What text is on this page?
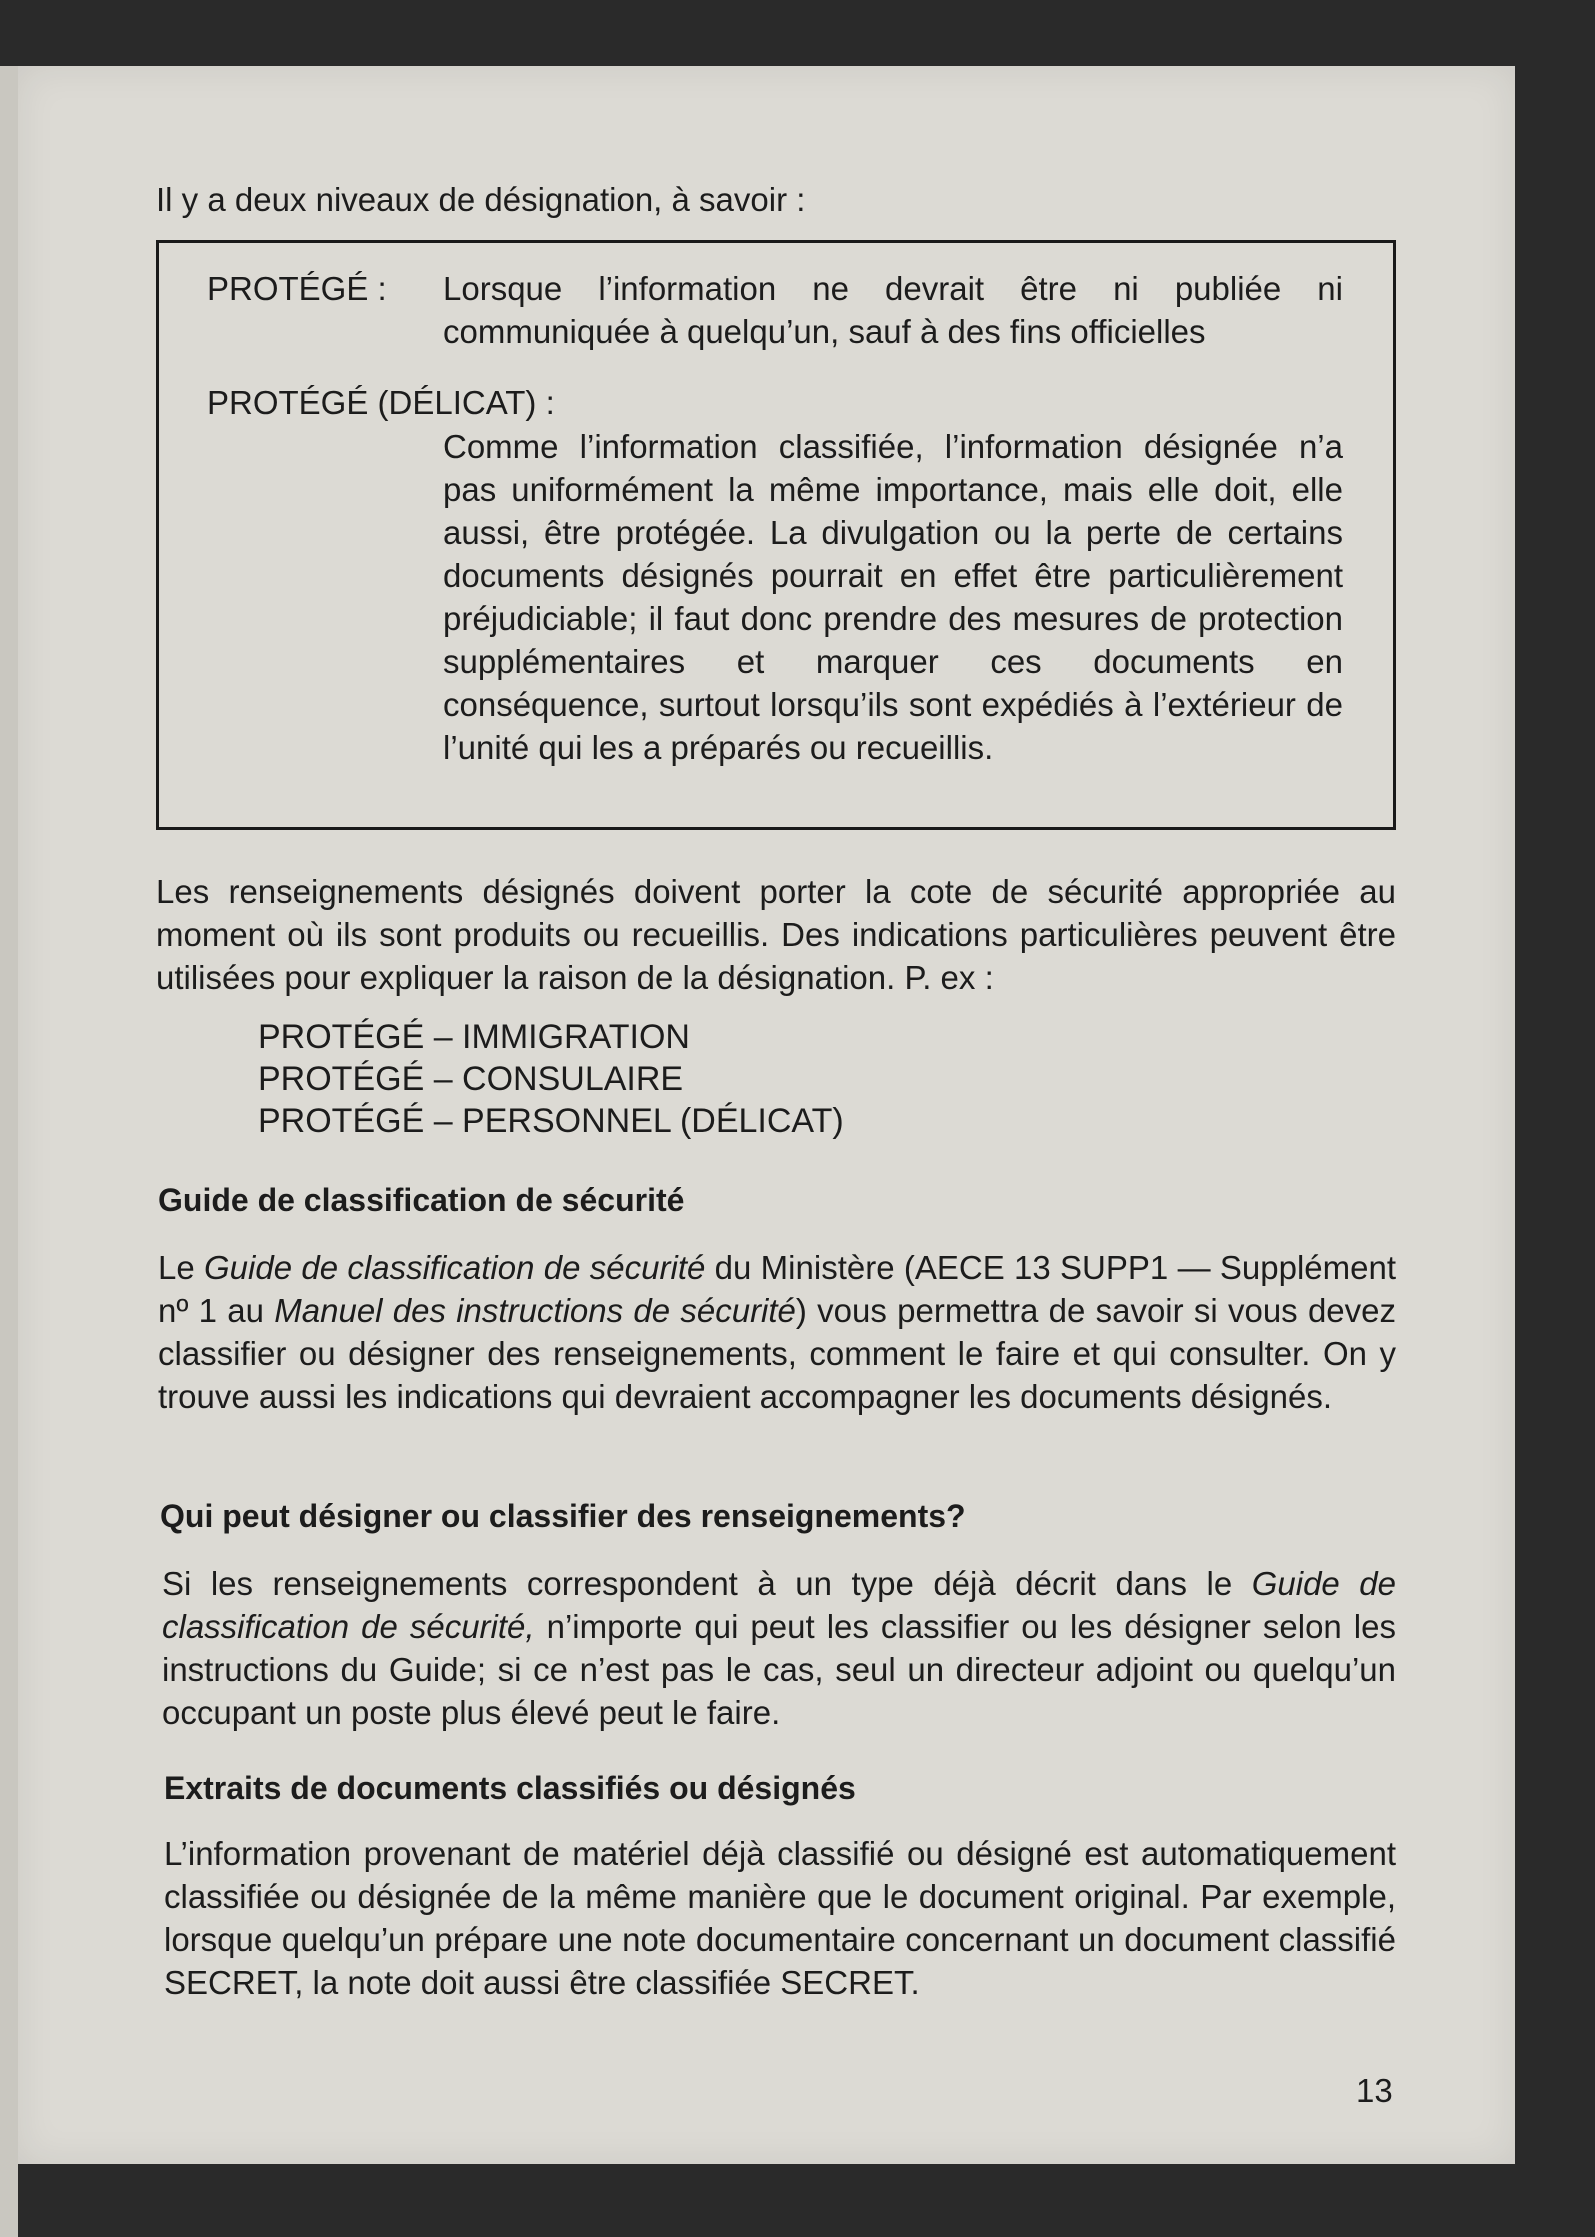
Il y a deux niveaux de désignation, à savoir :
PROTÉGÉ : Lorsque l’information ne devrait être ni publiée ni communiquée à quelqu’un, sauf à des fins officielles
PROTÉGÉ (DÉLICAT) :
Comme l’information classifiée, l’information désignée n’a pas uniformément la même importance, mais elle doit, elle aussi, être protégée. La divulgation ou la perte de certains documents désignés pourrait en effet être particulièrement préjudiciable; il faut donc prendre des mesures de protection supplémentaires et marquer ces documents en conséquence, surtout lorsqu’ils sont expédiés à l’extérieur de l’unité qui les a préparés ou recueillis.
Les renseignements désignés doivent porter la cote de sécurité appropriée au moment où ils sont produits ou recueillis. Des indications particulières peuvent être utilisées pour expliquer la raison de la désignation. P. ex :
PROTÉGÉ – IMMIGRATION
PROTÉGÉ – CONSULAIRE
PROTÉGÉ – PERSONNEL (DÉLICAT)
Guide de classification de sécurité
Le Guide de classification de sécurité du Ministère (AECE 13 SUPP1 — Supplément nº 1 au Manuel des instructions de sécurité) vous permettra de savoir si vous devez classifier ou désigner des renseignements, comment le faire et qui consulter. On y trouve aussi les indications qui devraient accompagner les documents désignés.
Qui peut désigner ou classifier des renseignements?
Si les renseignements correspondent à un type déjà décrit dans le Guide de classification de sécurité, n’importe qui peut les classifier ou les désigner selon les instructions du Guide; si ce n’est pas le cas, seul un directeur adjoint ou quelqu’un occupant un poste plus élevé peut le faire.
Extraits de documents classifiés ou désignés
L’information provenant de matériel déjà classifié ou désigné est automatiquement classifiée ou désignée de la même manière que le document original. Par exemple, lorsque quelqu’un prépare une note documentaire concernant un document classifié SECRET, la note doit aussi être classifiée SECRET.
13
